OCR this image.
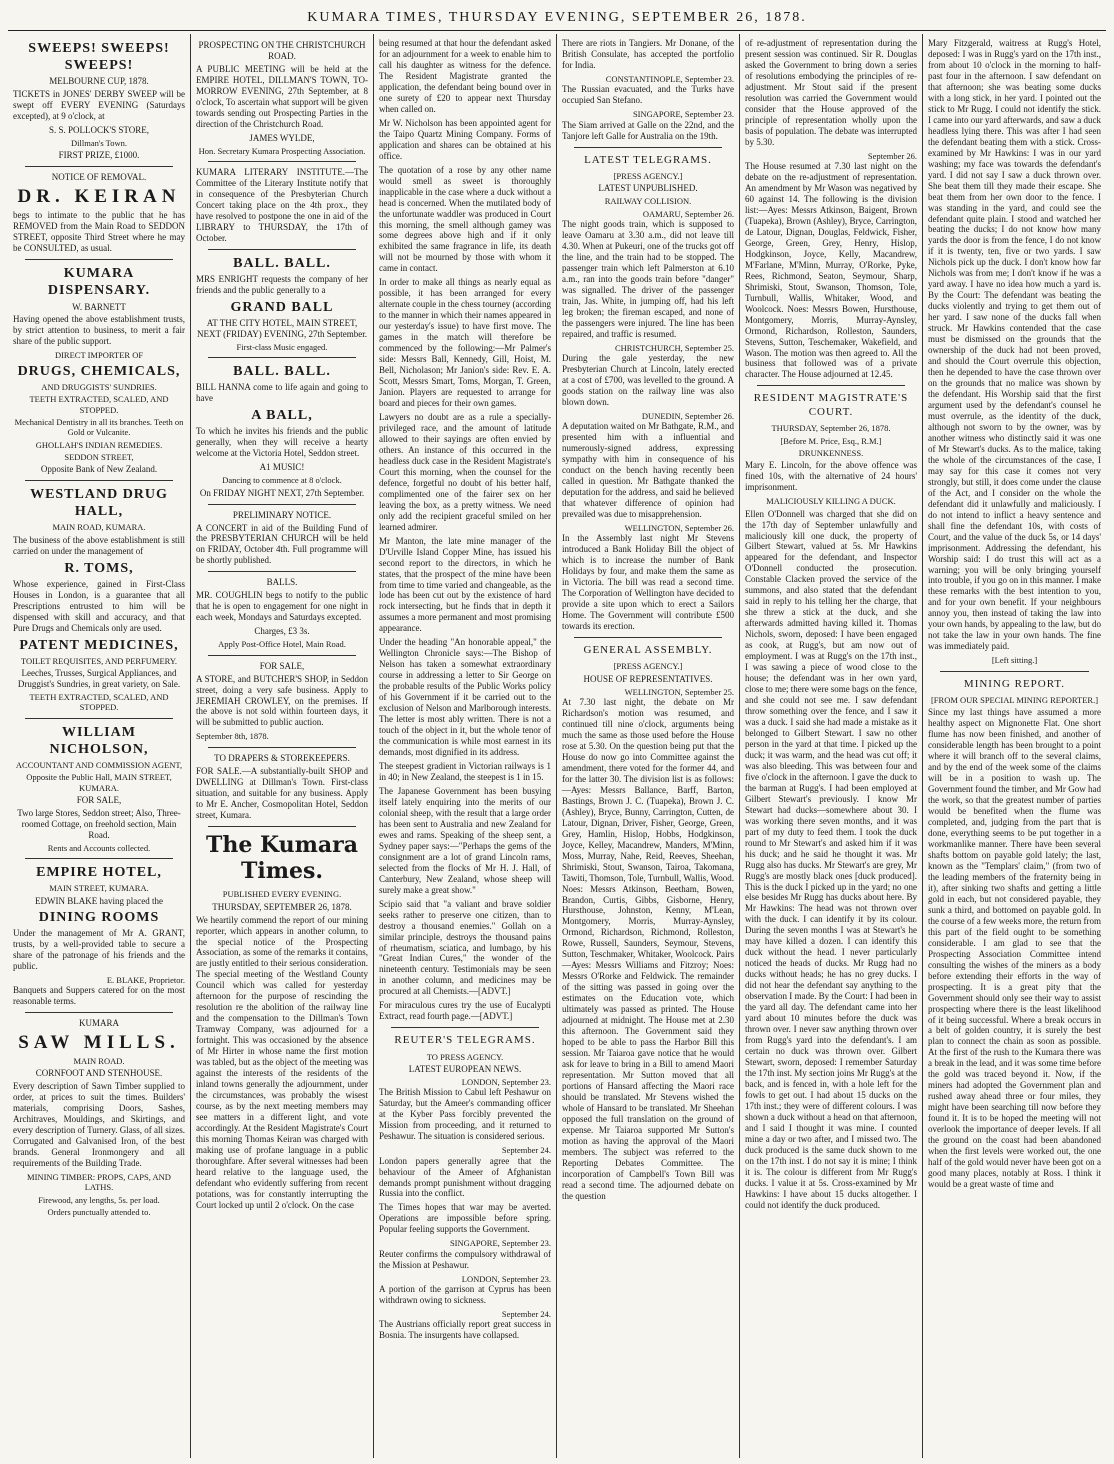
KUMARA TIMES, THURSDAY EVENING, SEPTEMBER 26, 1878.
SWEEPS! SWEEPS! SWEEPS!
MELBOURNE CUP, 1878.

TICKETS in JONES' DERBY SWEEP will be swept off EVERY EVENING (Saturdays excepted), at 9 o'clock, at

S. S. POLLOCK'S STORE,
Dillman's Town.
FIRST PRIZE, £1000.
NOTICE OF REMOVAL.
DR. KEIRAN

begs to intimate to the public that he has REMOVED from the Main Road to SEDDON STREET, opposite Third Street where he may be CONSULTED, as usual.

KUMARA DISPENSARY.
W. BARNETT

Having opened the above establishment trusts, by strict attention to business, to merit a fair share of the public support.

DIRECT IMPORTER OF
DRUGS, CHEMICALS,
AND DRUGGISTS' SUNDRIES.
TEETH EXTRACTED, SCALED, AND STOPPED.
Mechanical Dentistry in all its branches. Teeth on Gold or Vulcanite.
GHOLLAH'S INDIAN REMEDIES.
SEDDON STREET,
Opposite Bank of New Zealand.
WESTLAND DRUG HALL,
MAIN ROAD, KUMARA.

The business of the above establishment is still carried on under the management of

R. TOMS,

Whose experience, gained in First-Class Houses in London, is a guarantee that all Prescriptions entrusted to him will be dispensed with skill and accuracy, and that Pure Drugs and Chemicals only are used.

PATENT MEDICINES,
TOILET REQUISITES, AND PERFUMERY.

Leeches, Trusses, Surgical Appliances, and Druggist's Sundries, in great variety, on Sale.

TEETH EXTRACTED, SCALED, AND STOPPED.
WILLIAM NICHOLSON,
ACCOUNTANT AND COMMISSION AGENT,
Opposite the Public Hall, MAIN STREET, KUMARA.
FOR SALE,

Two large Stores, Seddon street; Also, Three-roomed Cottage, on freehold section, Main Road.

Rents and Accounts collected.
EMPIRE HOTEL,
MAIN STREET, KUMARA.
EDWIN BLAKE having placed the
DINING ROOMS

Under the management of Mr A. GRANT, trusts, by a well-provided table to secure a share of the patronage of his friends and the public.

E. BLAKE, Proprietor.

Banquets and Suppers catered for on the most reasonable terms.

KUMARA
SAW MILLS.
MAIN ROAD.
CORNFOOT AND STENHOUSE.

Every description of Sawn Timber supplied to order, at prices to suit the times. Builders' materials, comprising Doors, Sashes, Architraves, Mouldings, and Skirtings, and every description of Turnery. Glass, of all sizes. Corrugated and Galvanised Iron, of the best brands. General Ironmongery and all requirements of the Building Trade.

MINING TIMBER: PROPS, CAPS, AND LATHS.
Firewood, any lengths, 5s. per load.
Orders punctually attended to.
PROSPECTING ON THE CHRISTCHURCH ROAD.

A PUBLIC MEETING will be held at the EMPIRE HOTEL, DILLMAN'S TOWN, TO-MORROW EVENING, 27th September, at 8 o'clock, To ascertain what support will be given towards sending out Prospecting Parties in the direction of the Christchurch Road.

JAMES WYLDE,
Hon. Secretary Kumara Prospecting Association.

KUMARA LITERARY INSTITUTE.—The Committee of the Literary Institute notify that in consequence of the Presbyterian Church Concert taking place on the 4th prox., they have resolved to postpone the one in aid of the LIBRARY to THURSDAY, the 17th of October.

BALL. BALL.

MRS ENRIGHT requests the company of her friends and the public generally to a

GRAND BALL
AT THE CITY HOTEL, MAIN STREET, NEXT (FRIDAY) EVENING, 27th September.
First-class Music engaged.
BALL. BALL.

BILL HANNA come to life again and going to have

A BALL,

To which he invites his friends and the public generally, when they will receive a hearty welcome at the Victoria Hotel, Seddon street.

A1 MUSIC!
Dancing to commence at 8 o'clock.
On FRIDAY NIGHT NEXT, 27th September.
PRELIMINARY NOTICE.

A CONCERT in aid of the Building Fund of the PRESBYTERIAN CHURCH will be held on FRIDAY, October 4th. Full programme will be shortly published.

BALLS.

MR. COUGHLIN begs to notify to the public that he is open to engagement for one night in each week, Mondays and Saturdays excepted.

Charges, £3 3s.
Apply Post-Office Hotel, Main Road.
FOR SALE,

A STORE, and BUTCHER'S SHOP, in Seddon street, doing a very safe business. Apply to JEREMIAH CROWLEY, on the premises. If the above is not sold within fourteen days, it will be submitted to public auction.

September 8th, 1878.
TO DRAPERS & STOREKEEPERS.

FOR SALE.—A substantially-built SHOP and DWELLING at Dillman's Town. First-class situation, and suitable for any business. Apply to Mr E. Ancher, Cosmopolitan Hotel, Seddon street, Kumara.

The Kumara Times.
PUBLISHED EVERY EVENING.
THURSDAY, SEPTEMBER 26, 1878.

We heartily commend the report of our mining reporter, which appears in another column, to the special notice of the Prospecting Association, as some of the remarks it contains, are justly entitled to their serious consideration. The special meeting of the Westland County Council which was called for yesterday afternoon for the purpose of rescinding the resolution re the abolition of the railway line and the compensation to the Dillman's Town Tramway Company, was adjourned for a fortnight. This was occasioned by the absence of Mr Hirter in whose name the first motion was tabled, but as the object of the meeting was against the interests of the residents of the inland towns generally the adjournment, under the circumstances, was probably the wisest course, as by the next meeting members may see matters in a different light, and vote accordingly. At the Resident Magistrate's Court this morning Thomas Keiran was charged with making use of profane language in a public thoroughfare. After several witnesses had been heard relative to the language used, the defendant who evidently suffering from recent potations, was for constantly interrupting the Court locked up until 2 o'clock. On the case

being resumed at that hour the defendant asked for an adjournment for a week to enable him to call his daughter as witness for the defence. The Resident Magistrate granted the application, the defendant being bound over in one surety of £20 to appear next Thursday when called on.

Mr W. Nicholson has been appointed agent for the Taipo Quartz Mining Company. Forms of application and shares can be obtained at his office.

The quotation of a rose by any other name would smell as sweet is thoroughly inapplicable in the case where a duck without a head is concerned. When the mutilated body of the unfortunate waddler was produced in Court this morning, the smell although gamey was some degrees above high and if it only exhibited the same fragrance in life, its death will not be mourned by those with whom it came in contact.

In order to make all things as nearly equal as possible, it has been arranged for every alternate couple in the chess tourney (according to the manner in which their names appeared in our yesterday's issue) to have first move. The games in the match will therefore be commenced by the following:—Mr Palmer's side: Messrs Ball, Kennedy, Gill, Hoist, M. Bell, Nicholason; Mr Janion's side: Rev. E. A. Scott, Messrs Smart, Toms, Morgan, T. Green, Janion. Players are requested to arrange for board and pieces for their own games.

Lawyers no doubt are as a rule a specially-privileged race, and the amount of latitude allowed to their sayings are often envied by others. An instance of this occurred in the headless duck case in the Resident Magistrate's Court this morning, when the counsel for the defence, forgetful no doubt of his better half, complimented one of the fairer sex on her leaving the box, as a pretty witness. We need only add the recipient graceful smiled on her learned admirer.

Mr Manton, the late mine manager of the D'Urville Island Copper Mine, has issued his second report to the directors, in which he states, that the prospect of the mine have been from time to time varied and changeable, as the lode has been cut out by the existence of hard rock intersecting, but he finds that in depth it assumes a more permanent and most promising appearance.

Under the heading "An honorable appeal," the Wellington Chronicle says:—The Bishop of Nelson has taken a somewhat extraordinary course in addressing a letter to Sir George on the probable results of the Public Works policy of his Government if it be carried out to the exclusion of Nelson and Marlborough interests. The letter is most ably written. There is not a touch of the object in it, but the whole tenor of the communication is while most earnest in its demands, most dignified in its address.

The steepest gradient in Victorian railways is 1 in 40; in New Zealand, the steepest is 1 in 15.

The Japanese Government has been busying itself lately enquiring into the merits of our colonial sheep, with the result that a large order has been sent to Australia and new Zealand for ewes and rams. Speaking of the sheep sent, a Sydney paper says:—"Perhaps the gems of the consignment are a lot of grand Lincoln rams, selected from the flocks of Mr H. J. Hall, of Canterbury, New Zealand, whose sheep will surely make a great show."

Scipio said that "a valiant and brave soldier seeks rather to preserve one citizen, than to destroy a thousand enemies." Gollah on a similar principle, destroys the thousand pains of rheumatism, sciatica, and lumbago, by his "Great Indian Cures," the wonder of the nineteenth century. Testimonials may be seen in another column, and medicines may be procured at all Chemists.—[ADVT.]

For miraculous cures try the use of Eucalypti Extract, read fourth page.—[ADVT.]

REUTER'S TELEGRAMS.
TO PRESS AGENCY.
LATEST EUROPEAN NEWS.
LONDON, September 23.

The British Mission to Cabul left Peshawur on Saturday, but the Ameer's commanding officer at the Kyber Pass forcibly prevented the Mission from proceeding, and it returned to Peshawur. The situation is considered serious.

September 24.

London papers generally agree that the behaviour of the Ameer of Afghanistan demands prompt punishment without dragging Russia into the conflict.

The Times hopes that war may be averted. Operations are impossible before spring. Popular feeling supports the Government.

SINGAPORE, September 23.

Reuter confirms the compulsory withdrawal of the Mission at Peshawur.

LONDON, September 23.

A portion of the garrison at Cyprus has been withdrawn owing to sickness.

September 24.

The Austrians officially report great success in Bosnia. The insurgents have collapsed.

There are riots in Tangiers. Mr Donane, of the British Consulate, has accepted the portfolio for India.

CONSTANTINOPLE, September 23.

The Russian evacuated, and the Turks have occupied San Stefano.

SINGAPORE, September 23.

The Siam arrived at Galle on the 22nd, and the Tanjore left Galle for Australia on the 19th.

LATEST TELEGRAMS.
[PRESS AGENCY.]
LATEST UNPUBLISHED.
RAILWAY COLLISION.
OAMARU, September 26.

The night goods train, which is supposed to leave Oamaru at 3.30 a.m., did not leave till 4.30. When at Pukeuri, one of the trucks got off the line, and the train had to be stopped. The passenger train which left Palmerston at 6.10 a.m., ran into the goods train before "danger" was signalled. The driver of the passenger train, Jas. White, in jumping off, had his left leg broken; the fireman escaped, and none of the passengers were injured. The line has been repaired, and traffic is resumed.

CHRISTCHURCH, September 25.

During the gale yesterday, the new Presbyterian Church at Lincoln, lately erected at a cost of £700, was levelled to the ground. A goods station on the railway line was also blown down.

DUNEDIN, September 26.

A deputation waited on Mr Bathgate, R.M., and presented him with a influential and numerously-signed address, expressing sympathy with him in consequence of his conduct on the bench having recently been called in question. Mr Bathgate thanked the deputation for the address, and said he believed that whatever difference of opinion had prevailed was due to misapprehension.

WELLINGTON, September 26.

In the Assembly last night Mr Stevens introduced a Bank Holiday Bill the object of which is to increase the number of Bank Holidays by four, and make them the same as in Victoria. The bill was read a second time. The Corporation of Wellington have decided to provide a site upon which to erect a Sailors Home. The Government will contribute £500 towards its erection.

GENERAL ASSEMBLY.
[PRESS AGENCY.]
HOUSE OF REPRESENTATIVES.
WELLINGTON, September 25.

At 7.30 last night, the debate on Mr Richardson's motion was resumed, and continued till nine o'clock, arguments being much the same as those used before the House rose at 5.30. On the question being put that the House do now go into Committee against the amendment, there voted for the former 44, and for the latter 30. The division list is as follows:—Ayes: Messrs Ballance, Barff, Barton, Bastings, Brown J. C. (Tuapeka), Brown J. C. (Ashley), Bryce, Bunny, Carrington, Cutten, de Latour, Dignan, Driver, Fisher, George, Green, Grey, Hamlin, Hislop, Hobbs, Hodgkinson, Joyce, Kelley, Macandrew, Manders, M'Minn, Moss, Murray, Nahe, Reid, Reeves, Sheehan, Shrimiski, Stout, Swanson, Tairoa, Takomana, Tawiti, Thomson, Tole, Turnbull, Wallis, Wood. Noes: Messrs Atkinson, Beetham, Bowen, Brandon, Curtis, Gibbs, Gisborne, Henry, Hursthouse, Johnston, Kenny, M'Lean, Montgomery, Morris, Murray-Aynsley, Ormond, Richardson, Richmond, Rolleston, Rowe, Russell, Saunders, Seymour, Stevens, Sutton, Teschmaker, Whitaker, Woolcock. Pairs—Ayes: Messrs Williams and Fitzroy; Noes: Messrs O'Rorke and Feldwick. The remainder of the sitting was passed in going over the estimates on the Education vote, which ultimately was passed as printed. The House adjourned at midnight. The House met at 2.30 this afternoon. The Government said they hoped to be able to pass the Harbor Bill this session. Mr Taiaroa gave notice that he would ask for leave to bring in a Bill to amend Maori representation. Mr Sutton moved that all portions of Hansard affecting the Maori race should be translated. Mr Stevens wished the whole of Hansard to be translated. Mr Sheehan opposed the full translation on the ground of expense. Mr Taiaroa supported Mr Sutton's motion as having the approval of the Maori members. The subject was referred to the Reporting Debates Committee. The incorporation of Campbell's Town Bill was read a second time. The adjourned debate on the question

of re-adjustment of representation during the present session was continued. Sir R. Douglas asked the Government to bring down a series of resolutions embodying the principles of re-adjustment. Mr Stout said if the present resolution was carried the Government would consider that the House approved of the principle of representation wholly upon the basis of population. The debate was interrupted by 5.30.

September 26.

The House resumed at 7.30 last night on the debate on the re-adjustment of representation. An amendment by Mr Wason was negatived by 60 against 14. The following is the division list:—Ayes: Messrs Atkinson, Baigent, Brown (Tuapeka), Brown (Ashley), Bryce, Carrington, de Latour, Dignan, Douglas, Feldwick, Fisher, George, Green, Grey, Henry, Hislop, Hodgkinson, Joyce, Kelly, Macandrew, M'Farlane, M'Minn, Murray, O'Rorke, Pyke, Rees, Richmond, Seaton, Seymour, Sharp, Shrimiski, Stout, Swanson, Thomson, Tole, Turnbull, Wallis, Whitaker, Wood, and Woolcock. Noes: Messrs Bowen, Hursthouse, Montgomery, Morris, Murray-Aynsley, Ormond, Richardson, Rolleston, Saunders, Stevens, Sutton, Teschemaker, Wakefield, and Wason. The motion was then agreed to. All the business that followed was of a private character. The House adjourned at 12.45.

RESIDENT MAGISTRATE'S COURT.
THURSDAY, September 26, 1878.
[Before M. Price, Esq., R.M.]
DRUNKENNESS.

Mary E. Lincoln, for the above offence was fined 10s, with the alternative of 24 hours' imprisonment.

MALICIOUSLY KILLING A DUCK.

Ellen O'Donnell was charged that she did on the 17th day of September unlawfully and maliciously kill one duck, the property of Gilbert Stewart, valued at 5s. Mr Hawkins appeared for the defendant, and Inspector O'Donnell conducted the prosecution. Constable Clacken proved the service of the summons, and also stated that the defendant said in reply to his telling her the charge, that she threw a stick at the duck, and she afterwards admitted having killed it. Thomas Nichols, sworn, deposed: I have been engaged as cook, at Rugg's, but am now out of employment. I was at Rugg's on the 17th inst., I was sawing a piece of wood close to the house; the defendant was in her own yard, close to me; there were some bags on the fence, and she could not see me. I saw defendant throw something over the fence, and I saw it was a duck. I said she had made a mistake as it belonged to Gilbert Stewart. I saw no other person in the yard at that time. I picked up the duck; it was warm, and the head was cut off; it was also bleeding. This was between four and five o'clock in the afternoon. I gave the duck to the barman at Rugg's. I had been employed at Gilbert Stewart's previously. I know Mr Stewart had ducks—somewhere about 30. I was working there seven months, and it was part of my duty to feed them. I took the duck round to Mr Stewart's and asked him if it was his duck; and he said he thought it was. Mr Rugg also has ducks. Mr Stewart's are grey, Mr Rugg's are mostly black ones [duck produced]. This is the duck I picked up in the yard; no one else besides Mr Rugg has ducks about here. By Mr Hawkins: The head was not thrown over with the duck. I can identify it by its colour. During the seven months I was at Stewart's he may have killed a dozen. I can identify this duck without the head. I never particularly noticed the heads of ducks. Mr Rugg had no ducks without heads; he has no grey ducks. I did not hear the defendant say anything to the observation I made. By the Court: I had been in the yard all day. The defendant came into her yard about 10 minutes before the duck was thrown over. I never saw anything thrown over from Rugg's yard into the defendant's. I am certain no duck was thrown over. Gilbert Stewart, sworn, deposed: I remember Saturday the 17th inst. My section joins Mr Rugg's at the back, and is fenced in, with a hole left for the fowls to get out. I had about 15 ducks on the 17th inst.; they were of different colours. I was shown a duck without a head on that afternoon, and I said I thought it was mine. I counted mine a day or two after, and I missed two. The duck produced is the same duck shown to me on the 17th inst. I do not say it is mine; I think it is. The colour is different from Mr Rugg's ducks. I value it at 5s. Cross-examined by Mr Hawkins: I have about 15 ducks altogether. I could not identify the duck produced.

Mary Fitzgerald, waitress at Rugg's Hotel, deposed: I was in Rugg's yard on the 17th inst., from about 10 o'clock in the morning to half-past four in the afternoon. I saw defendant on that afternoon; she was beating some ducks with a long stick, in her yard. I pointed out the stick to Mr Rugg. I could not identify the stick. I came into our yard afterwards, and saw a duck headless lying there. This was after I had seen the defendant beating them with a stick. Cross-examined by Mr Hawkins: I was in our yard washing; my face was towards the defendant's yard. I did not say I saw a duck thrown over. She beat them till they made their escape. She beat them from her own door to the fence. I was standing in the yard, and could see the defendant quite plain. I stood and watched her beating the ducks; I do not know how many yards the door is from the fence, I do not know if it is twenty, ten, five or two yards. I saw Nichols pick up the duck. I don't know how far Nichols was from me; I don't know if he was a yard away. I have no idea how much a yard is. By the Court: The defendant was beating the ducks violently and trying to get them out of her yard. I saw none of the ducks fall when struck. Mr Hawkins contended that the case must be dismissed on the grounds that the ownership of the duck had not been proved, and should the Court overrule this objection, then he depended to have the case thrown over on the grounds that no malice was shown by the defendant. His Worship said that the first argument used by the defendant's counsel he must overrule, as the identity of the duck, although not sworn to by the owner, was by another witness who distinctly said it was one of Mr Stewart's ducks. As to the malice, taking the whole of the circumstances of the case, I may say for this case it comes not very strongly, but still, it does come under the clause of the Act, and I consider on the whole the defendant did it unlawfully and maliciously. I do not intend to inflict a heavy sentence and shall fine the defendant 10s, with costs of Court, and the value of the duck 5s, or 14 days' imprisonment. Addressing the defendant, his Worship said: I do trust this will act as a warning; you will be only bringing yourself into trouble, if you go on in this manner. I make these remarks with the best intention to you, and for your own benefit. If your neighbours annoy you, then instead of taking the law into your own hands, by appealing to the law, but do not take the law in your own hands. The fine was immediately paid.

[Left sitting.]
MINING REPORT.
[FROM OUR SPECIAL MINING REPORTER.]

Since my last things have assumed a more healthy aspect on Mignonette Flat. One short flume has now been finished, and another of considerable length has been brought to a point where it will branch off to the several claims, and by the end of the week some of the claims will be in a position to wash up. The Government found the timber, and Mr Gow had the work, so that the greatest number of parties would be benefited when the flume was completed, and, judging from the part that is done, everything seems to be put together in a workmanlike manner. There have been several shafts bottom on payable gold lately; the last, known as the "Templars' claim," (from two of the leading members of the fraternity being in it), after sinking two shafts and getting a little gold in each, but not considered payable, they sunk a third, and bottomed on payable gold. In the course of a few weeks more, the return from this part of the field ought to be something considerable. I am glad to see that the Prospecting Association Committee intend consulting the wishes of the miners as a body before extending their efforts in the way of prospecting. It is a great pity that the Government should only see their way to assist prospecting where there is the least likelihood of it being successful. Where a break occurs in a belt of golden country, it is surely the best plan to connect the chain as soon as possible. At the first of the rush to the Kumara there was a break in the lead, and it was some time before the gold was traced beyond it. Now, if the miners had adopted the Government plan and rushed away ahead three or four miles, they might have been searching till now before they found it. It is to be hoped the meeting will not overlook the importance of deeper levels. If all the ground on the coast had been abandoned when the first levels were worked out, the one half of the gold would never have been got on a good many places, notably at Ross. I think it would be a great waste of time and
